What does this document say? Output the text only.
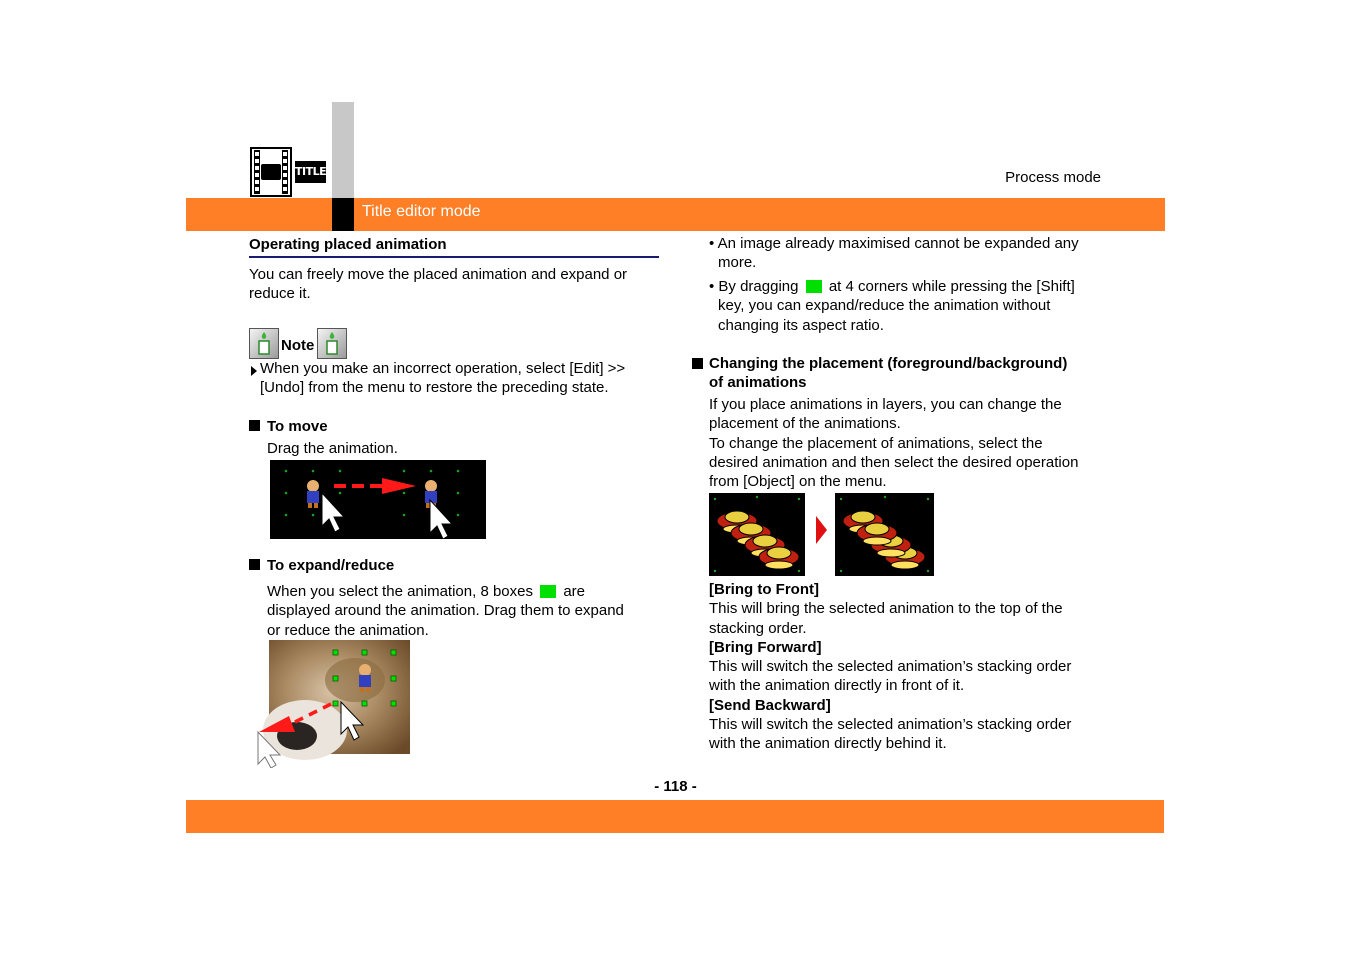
TITLE	Process mode
Title editor mode
Operating placed animation
You can freely move the placed animation and expand or
reduce it.
Note
When you make an incorrect operation, select [Edit] >>
[Undo] from the menu to restore the preceding state.
To move
Drag the animation.
To expand/reduce
When you select the animation, 8 boxes are
displayed around the animation. Drag them to expand
or reduce the animation.
• An image already maximised cannot be expanded any
more.
• By dragging at 4 corners while pressing the [Shift]
key, you can expand/reduce the animation without
changing its aspect ratio.
Changing the placement (foreground/background)
of animations
If you place animations in layers, you can change the
placement of the animations.
To change the placement of animations, select the
desired animation and then select the desired operation
from [Object] on the menu.
[Bring to Front]
This will bring the selected animation to the top of the
stacking order.
[Bring Forward]
This will switch the selected animation’s stacking order
with the animation directly in front of it.
[Send Backward]
This will switch the selected animation’s stacking order
with the animation directly behind it.
- 118 -
